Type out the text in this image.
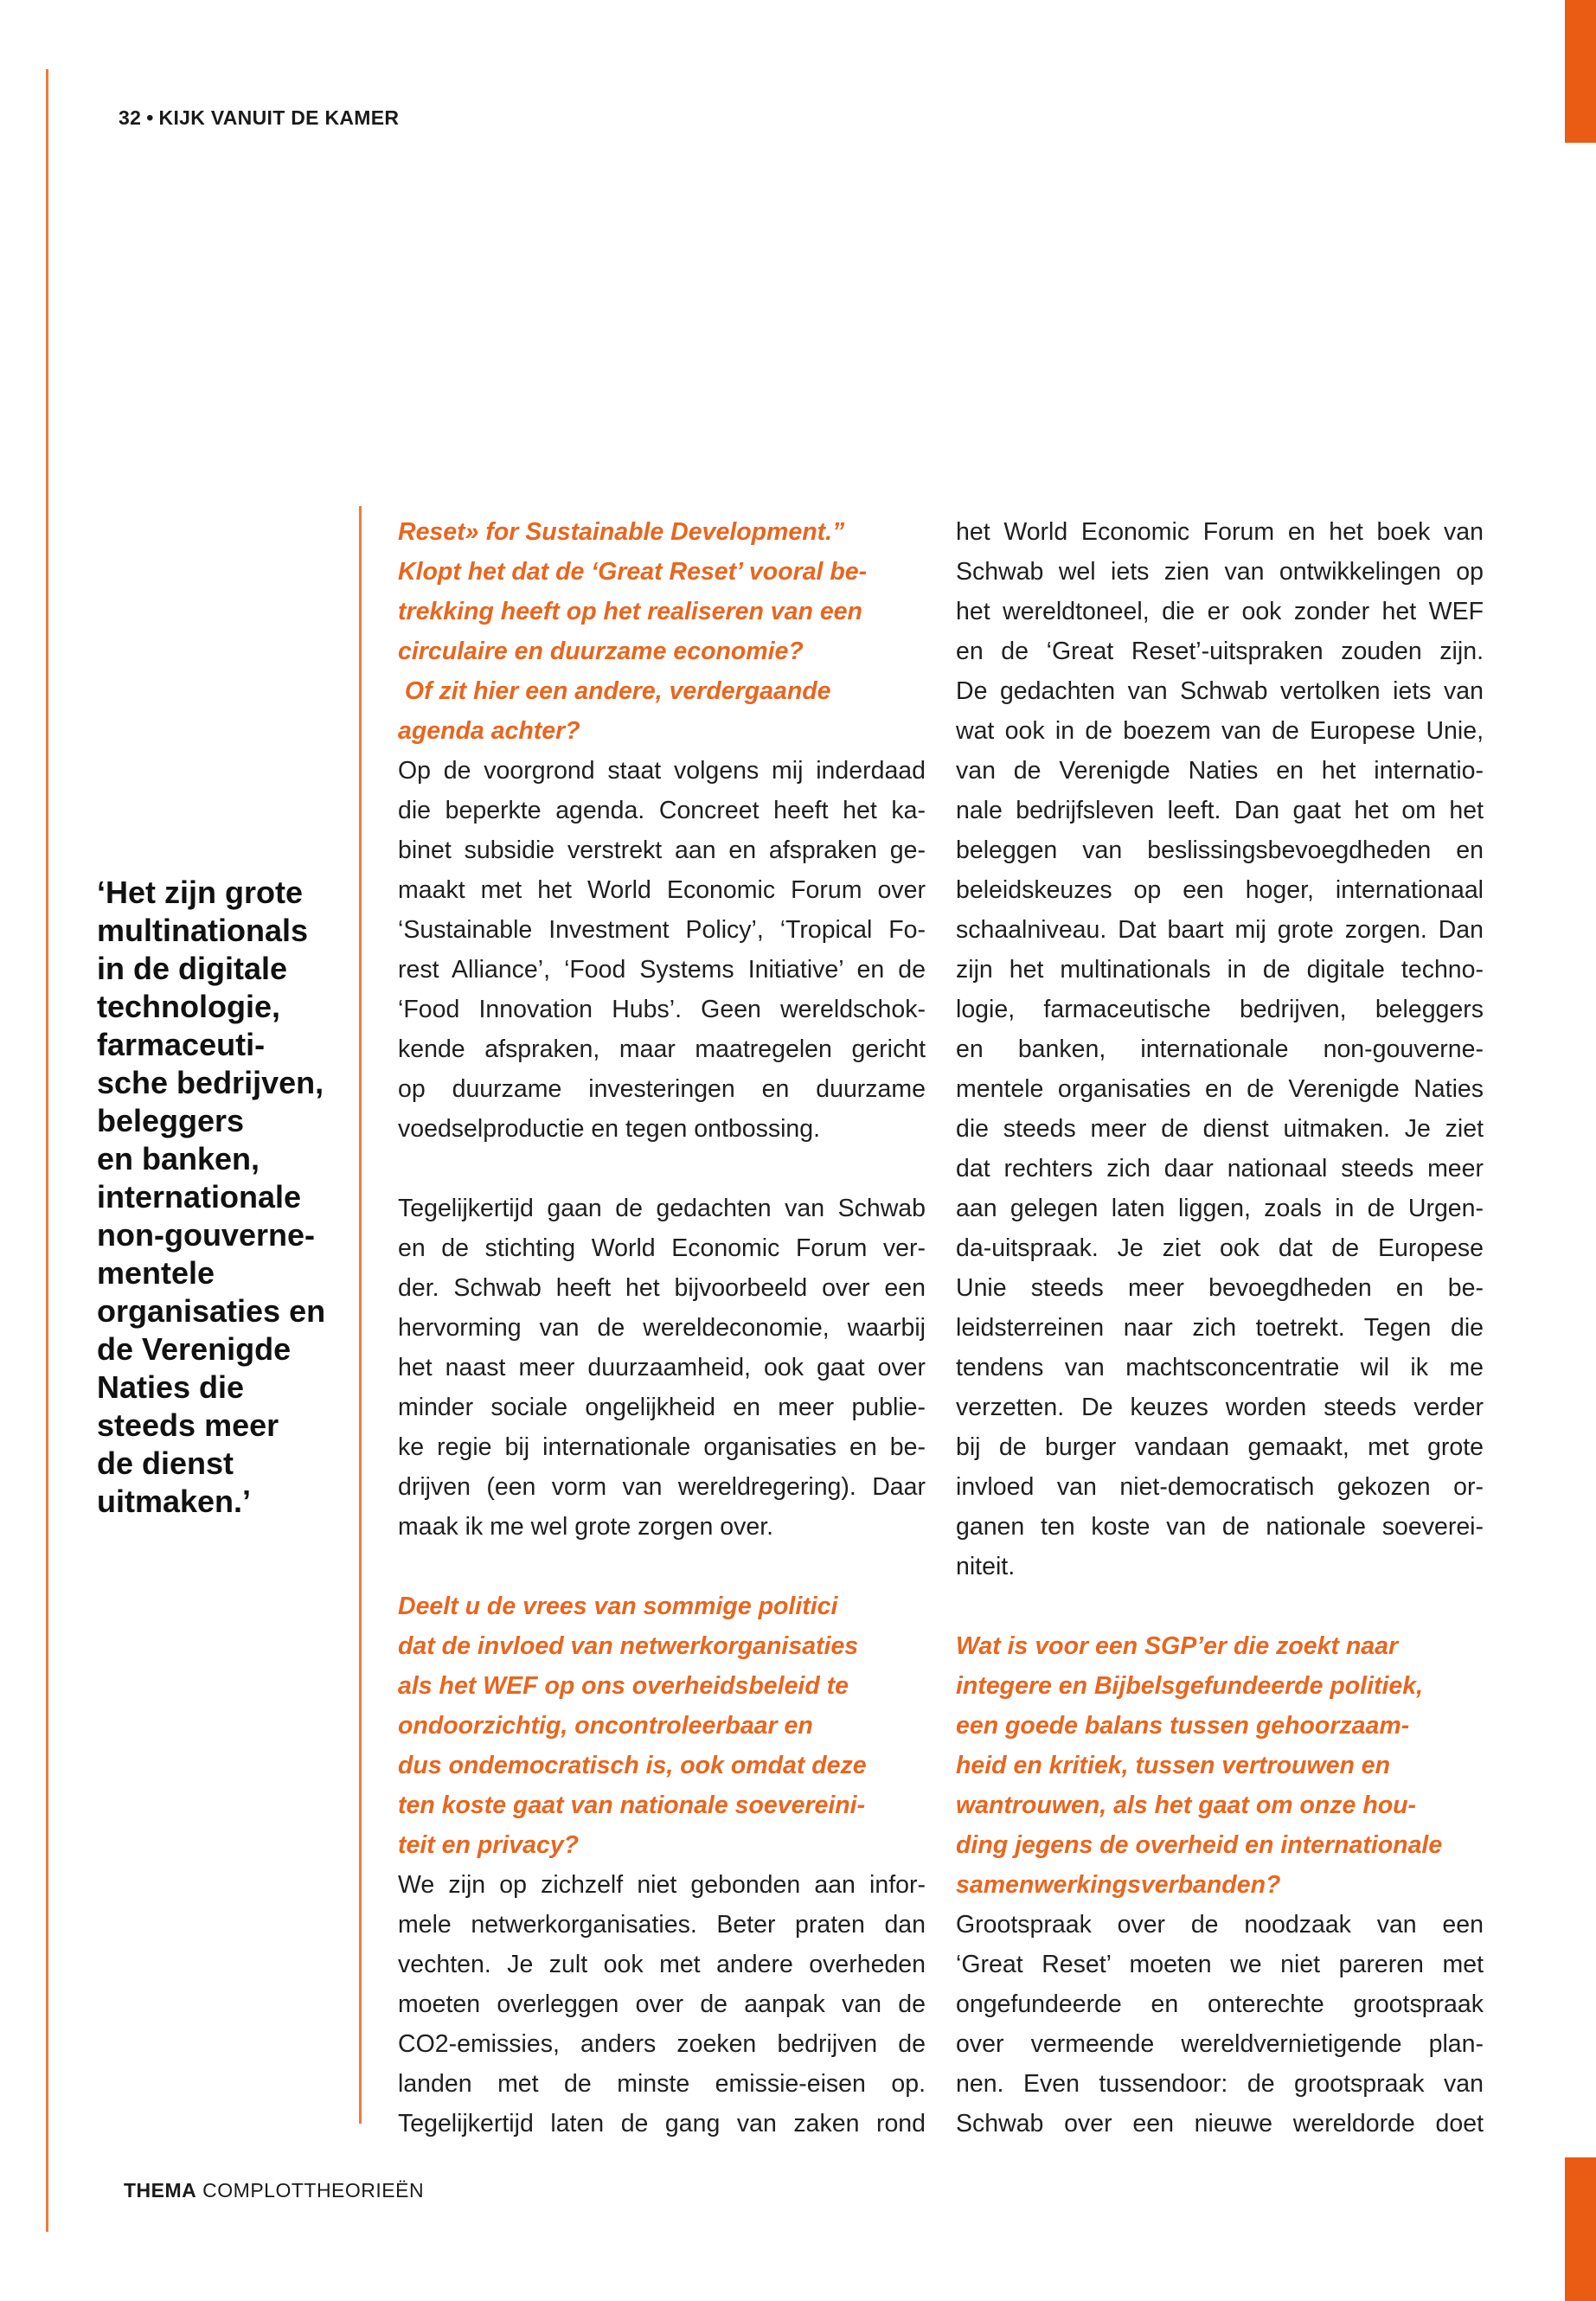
32 • KIJK VANUIT DE KAMER
‘Het zijn grote
multinationals
in de digitale
technologie,
farmaceuti-
sche bedrijven,
beleggers
en banken,
internationale
non-gouverne-
mentele
organisaties en
de Verenigde
Naties die
steeds meer
de dienst
uitmaken.’
Reset» for Sustainable Development.”
Klopt het dat de ‘Great Reset’ vooral be-
trekking heeft op het realiseren van een
circulaire en duurzame economie?
Of zit hier een andere, verdergaande
agenda achter?
Op de voorgrond staat volgens mij inderdaad
die beperkte agenda. Concreet heeft het ka-
binet subsidie verstrekt aan en afspraken ge-
maakt met het World Economic Forum over
‘Sustainable Investment Policy’, ‘Tropical Fo-
rest Alliance’, ‘Food Systems Initiative’ en de
‘Food Innovation Hubs’. Geen wereldschok-
kende afspraken, maar maatregelen gericht
op duurzame investeringen en duurzame
voedselproductie en tegen ontbossing.
Tegelijkertijd gaan de gedachten van Schwab
en de stichting World Economic Forum ver-
der. Schwab heeft het bijvoorbeeld over een
hervorming van de wereldeconomie, waarbij
het naast meer duurzaamheid, ook gaat over
minder sociale ongelijkheid en meer publie-
ke regie bij internationale organisaties en be-
drijven (een vorm van wereldregering). Daar
maak ik me wel grote zorgen over.
Deelt u de vrees van sommige politici
dat de invloed van netwerkorganisaties
als het WEF op ons overheidsbeleid te
ondoorzichtig, oncontroleerbaar en
dus ondemocratisch is, ook omdat deze
ten koste gaat van nationale soevereini-
teit en privacy?
We zijn op zichzelf niet gebonden aan infor-
mele netwerkorganisaties. Beter praten dan
vechten. Je zult ook met andere overheden
moeten overleggen over de aanpak van de
CO2-emissies, anders zoeken bedrijven de
landen met de minste emissie-eisen op.
Tegelijkertijd laten de gang van zaken rond
het World Economic Forum en het boek van
Schwab wel iets zien van ontwikkelingen op
het wereldtoneel, die er ook zonder het WEF
en de ‘Great Reset’-uitspraken zouden zijn.
De gedachten van Schwab vertolken iets van
wat ook in de boezem van de Europese Unie,
van de Verenigde Naties en het internatio-
nale bedrijfsleven leeft. Dan gaat het om het
beleggen van beslissingsbevoegdheden en
beleidskeuzes op een hoger, internationaal
schaalniveau. Dat baart mij grote zorgen. Dan
zijn het multinationals in de digitale techno-
logie, farmaceutische bedrijven, beleggers
en banken, internationale non-gouverne-
mentele organisaties en de Verenigde Naties
die steeds meer de dienst uitmaken. Je ziet
dat rechters zich daar nationaal steeds meer
aan gelegen laten liggen, zoals in de Urgen-
da-uitspraak. Je ziet ook dat de Europese
Unie steeds meer bevoegdheden en be-
leidsterreinen naar zich toetrekt. Tegen die
tendens van machtsconcentratie wil ik me
verzetten. De keuzes worden steeds verder
bij de burger vandaan gemaakt, met grote
invloed van niet-democratisch gekozen or-
ganen ten koste van de nationale soeverei-
niteit.
Wat is voor een SGP’er die zoekt naar
integere en Bijbelsgefundeerde politiek,
een goede balans tussen gehoorzaam-
heid en kritiek, tussen vertrouwen en
wantrouwen, als het gaat om onze hou-
ding jegens de overheid en internationale
samenwerkingsverbanden?
Grootspraak over de noodzaak van een
‘Great Reset’ moeten we niet pareren met
ongefundeerde en onterechte grootspraak
over vermeende wereldvernietigende plan-
nen. Even tussendoor: de grootspraak van
Schwab over een nieuwe wereldorde doet
THEMA COMPLOTTHEORIEËN
